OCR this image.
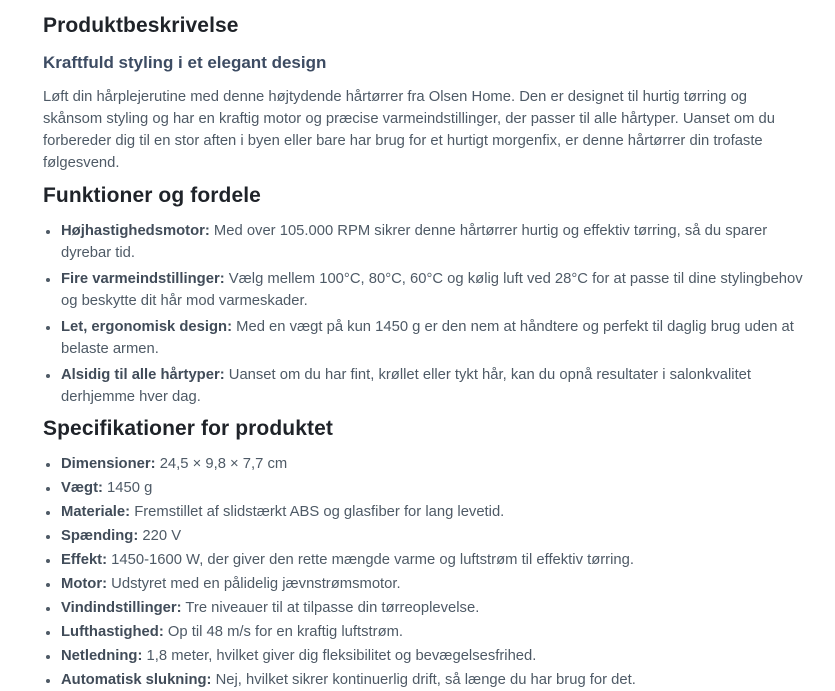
Produktbeskrivelse
Kraftfuld styling i et elegant design

Løft din hårplejerutine med denne højtydende hårtørrer fra Olsen Home. Den er designet til hurtig tørring og skånsom styling og har en kraftig motor og præcise varmeindstillinger, der passer til alle hårtyper. Uanset om du forbereder dig til en stor aften i byen eller bare har brug for et hurtigt morgenfix, er denne hårtørrer din trofaste følgesvend.

Funktioner og fordele
• Højhastighedsmotor: Med over 105.000 RPM sikrer denne hårtørrer hurtig og effektiv tørring, så du sparer dyrebar tid.
• Fire varmeindstillinger: Vælg mellem 100°C, 80°C, 60°C og kølig luft ved 28°C for at passe til dine stylingbehov og beskytte dit hår mod varmeskader.
• Let, ergonomisk design: Med en vægt på kun 1450 g er den nem at håndtere og perfekt til daglig brug uden at belaste armen.
• Alsidig til alle hårtyper: Uanset om du har fint, krøllet eller tykt hår, kan du opnå resultater i salonkvalitet derhjemme hver dag.
Specifikationer for produktet
• Dimensioner: 24,5 × 9,8 × 7,7 cm
• Vægt: 1450 g
• Materiale: Fremstillet af slidstærkt ABS og glasfiber for lang levetid.
• Spænding: 220 V
• Effekt: 1450-1600 W, der giver den rette mængde varme og luftstrøm til effektiv tørring.
• Motor: Udstyret med en pålidelig jævnstrømsmotor.
• Vindindstillinger: Tre niveauer til at tilpasse din tørreoplevelse.
• Lufthastighed: Op til 48 m/s for en kraftig luftstrøm.
• Netledning: 1,8 meter, hvilket giver dig fleksibilitet og bevægelsesfrihed.
• Automatisk slukning: Nej, hvilket sikrer kontinuerlig drift, så længe du har brug for det.
